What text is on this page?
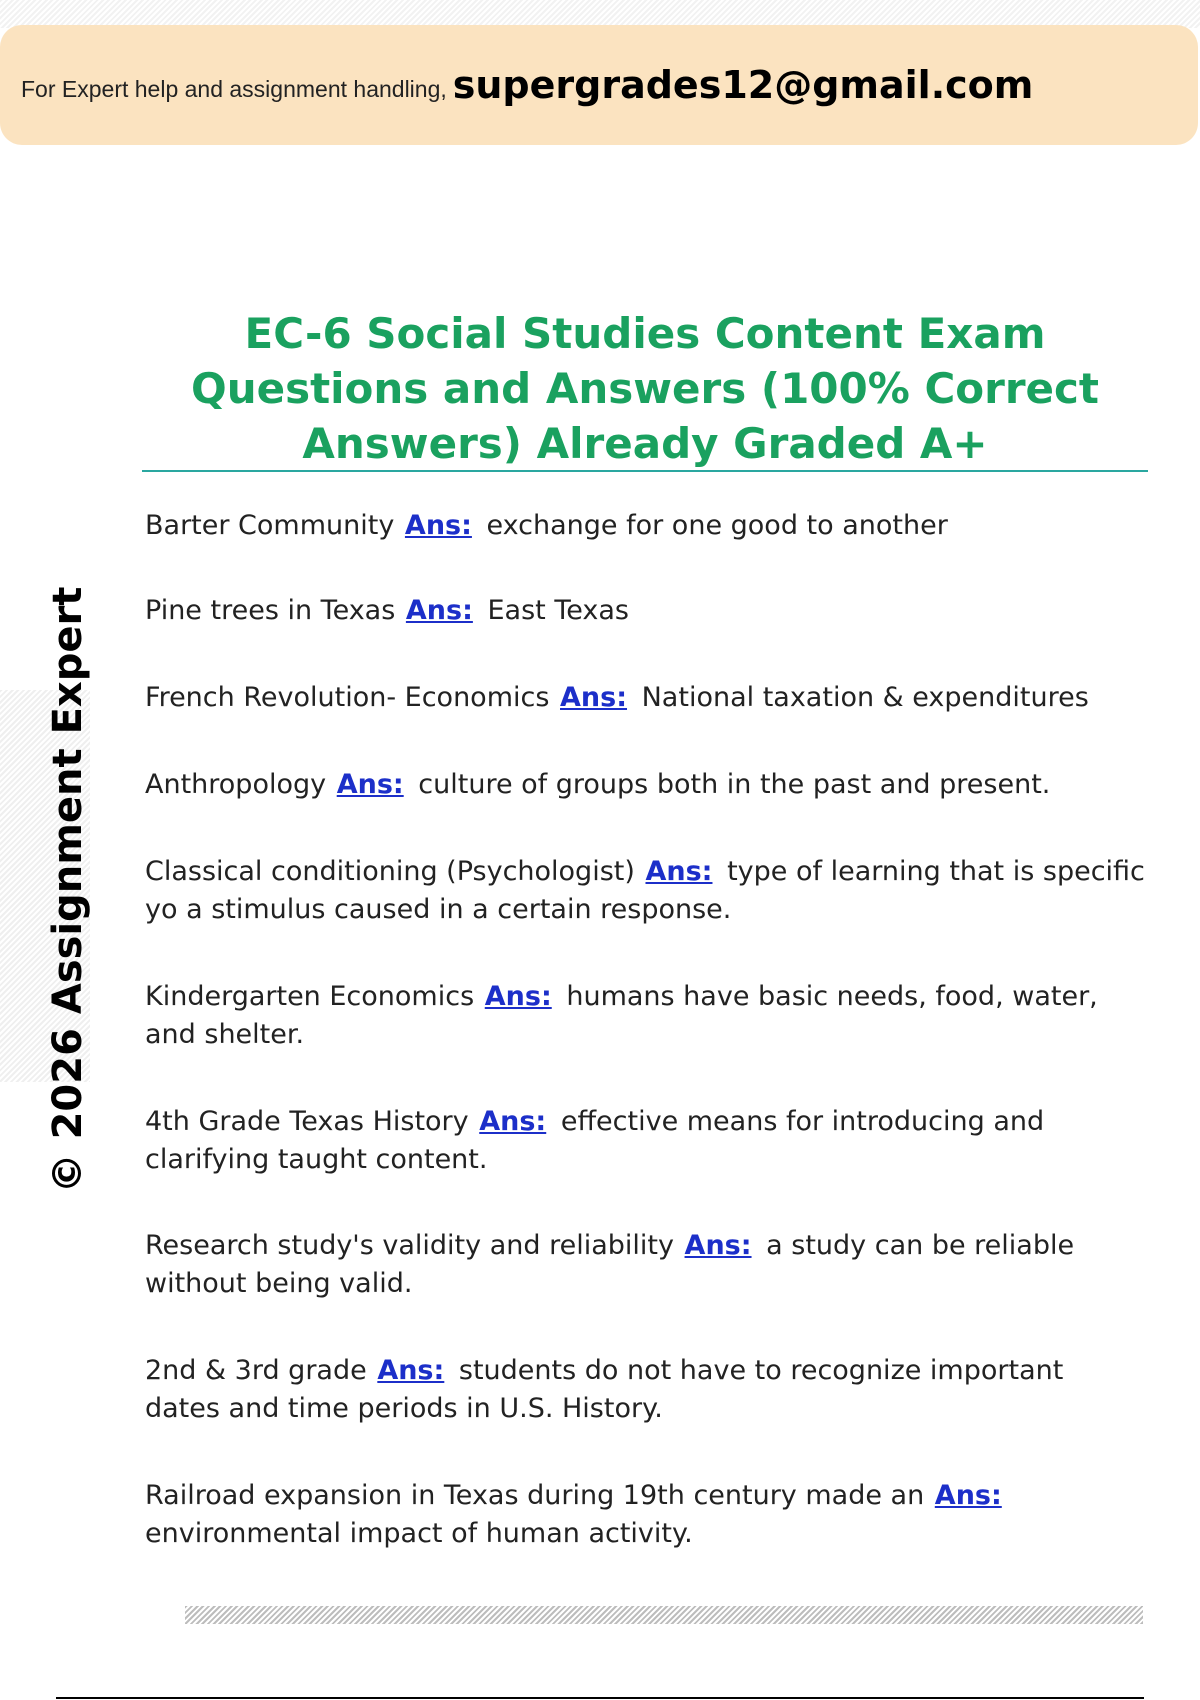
For Expert help and assignment handling, supergrades12@gmail.com
© 2026 Assignment Expert
EC-6 Social Studies Content Exam Questions and Answers (100% Correct Answers) Already Graded A+
Barter Community Ans: exchange for one good to another
Pine trees in Texas Ans: East Texas
French Revolution- Economics Ans: National taxation & expenditures
Anthropology Ans: culture of groups both in the past and present.
Classical conditioning (Psychologist) Ans: type of learning that is specific yo a stimulus caused in a certain response.
Kindergarten Economics Ans: humans have basic needs, food, water, and shelter.
4th Grade Texas History Ans: effective means for introducing and clarifying taught content.
Research study's validity and reliability Ans: a study can be reliable without being valid.
2nd & 3rd grade Ans: students do not have to recognize important dates and time periods in U.S. History.
Railroad expansion in Texas during 19th century made an Ans: environmental impact of human activity.
